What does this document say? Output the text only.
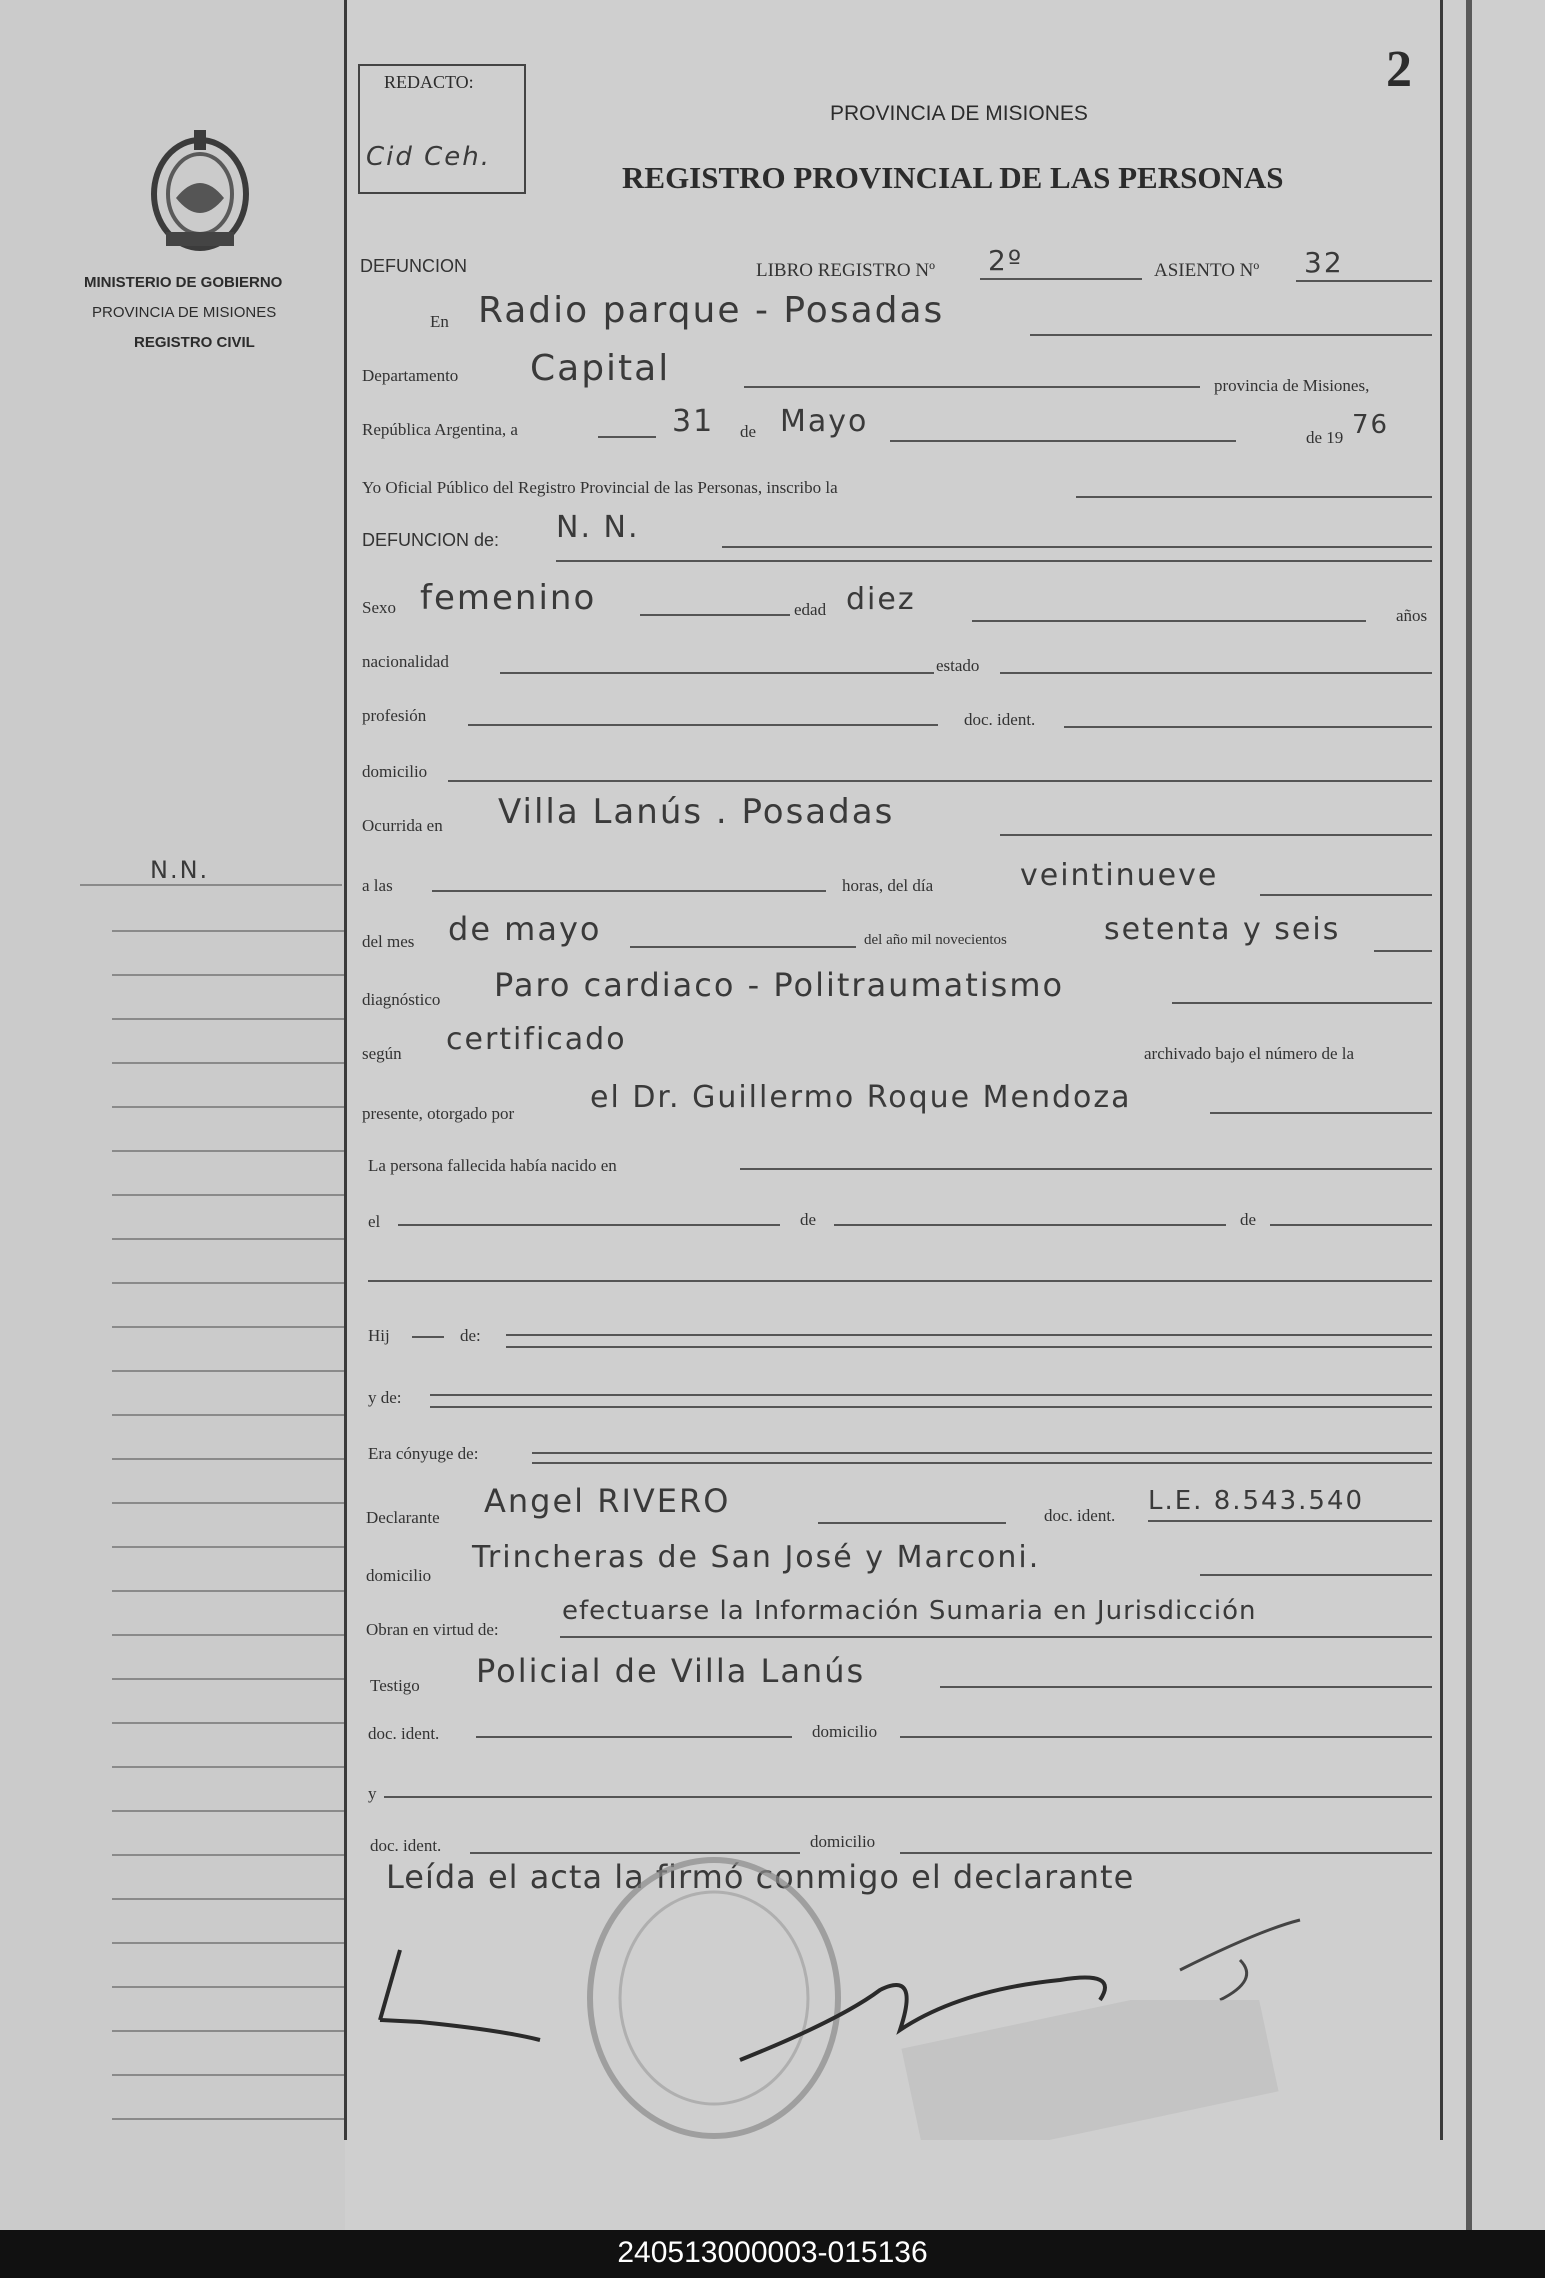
MINISTERIO DE GOBIERNO
PROVINCIA DE MISIONES
REGISTRO CIVIL
N.N.
REDACTO:
Cid Ceh.
2
PROVINCIA DE MISIONES
REGISTRO PROVINCIAL DE LAS PERSONAS
DEFUNCION	LIBRO REGISTRO Nº 2º	ASIENTO Nº 32
En Radio parque - Posadas
Departamento Capital	provincia de Misiones,
República Argentina, a	31 de Mayo	de 19 76
Yo Oficial Público del Registro Provincial de las Personas, inscribo la
DEFUNCION de: N. N.
Sexo femenino	edad diez	años
nacionalidad	estado
profesión	doc. ident.
domicilio
Ocurrida en Villa Lanús . Posadas
a las	horas, del día	veintinueve
del mes de mayo	del año mil novecientos	setenta y seis
diagnóstico Paro cardiaco - Politraumatismo
según certificado	archivado bajo el número de la
presente, otorgado por	el Dr. Guillermo Roque Mendoza
La persona fallecida había nacido en
el	de	de
Hij	de:
y de:
Era cónyuge de:
Declarante Angel RIVERO	doc. ident. L.E. 8.543.540
domicilio
Trincheras de San José y Marconi.
Obran en virtud de:
efectuarse la Información Sumaria en Jurisdicción
Testigo Policial de Villa Lanús
doc. ident.	domicilio
y
doc. ident.	domicilio
Leída el acta la firmó conmigo el declarante
240513000003-015136
